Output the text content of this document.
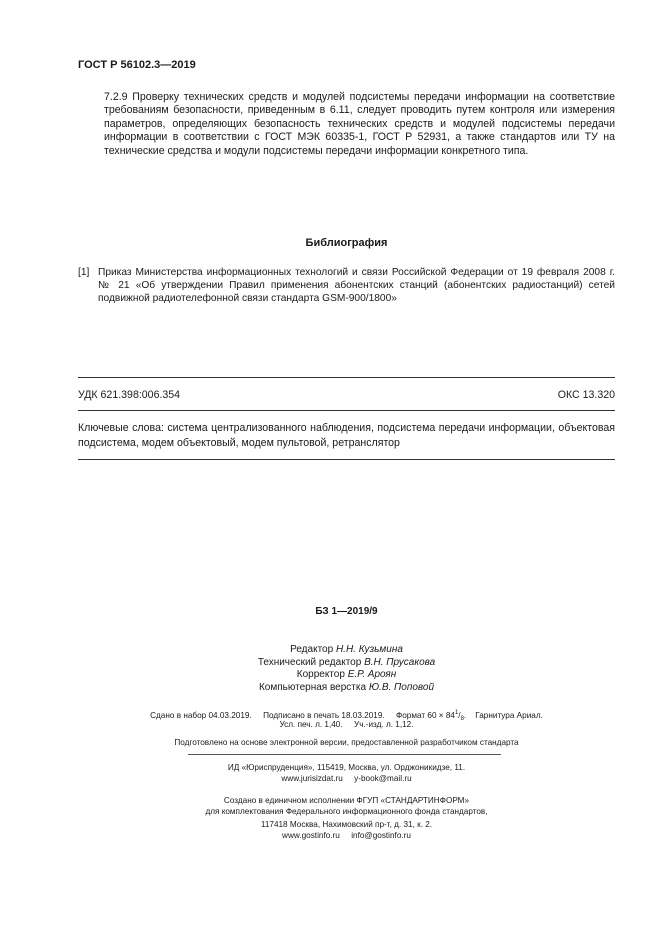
ГОСТ Р 56102.3—2019
7.2.9 Проверку технических средств и модулей подсистемы передачи информации на соответствие требованиям безопасности, приведенным в 6.11, следует проводить путем контроля или измерения параметров, определяющих безопасность технических средств и модулей подсистемы передачи информации в соответствии с ГОСТ МЭК 60335-1, ГОСТ Р 52931, а также стандартов или ТУ на технические средства и модули подсистемы передачи информации конкретного типа.
Библиография
[1] Приказ Министерства информационных технологий и связи Российской Федерации от 19 февраля 2008 г. № 21 «Об утверждении Правил применения абонентских станций (абонентских радиостанций) сетей подвижной радиотелефонной связи стандарта GSM-900/1800»
УДК 621.398:006.354	ОКС 13.320
Ключевые слова: система централизованного наблюдения, подсистема передачи информации, объектовая подсистема, модем объектовый, модем пультовой, ретранслятор
БЗ 1—2019/9
Редактор Н.Н. Кузьмина
Технический редактор В.Н. Прусакова
Корректор Е.Р. Ароян
Компьютерная верстка Ю.В. Поповой
Сдано в набор 04.03.2019.     Подписано в печать 18.03.2019.     Формат $60 \times 84^1/_8$.    Гарнитура Ариал.
Усл. печ. л. 1,40.     Уч.-изд. л. 1,12.
Подготовлено на основе электронной версии, предоставленной разработчиком стандарта
ИД «Юриспруденция», 115419, Москва, ул. Орджоникидзе, 11.
www.jurisizdat.ru     y-book@mail.ru
Создано в единичном исполнении ФГУП «СТАНДАРТИНФОРМ»
для комплектования Федерального информационного фонда стандартов,
117418 Москва, Нахимовский пр-т, д. 31, к. 2.
www.gostinfo.ru     info@gostinfo.ru
